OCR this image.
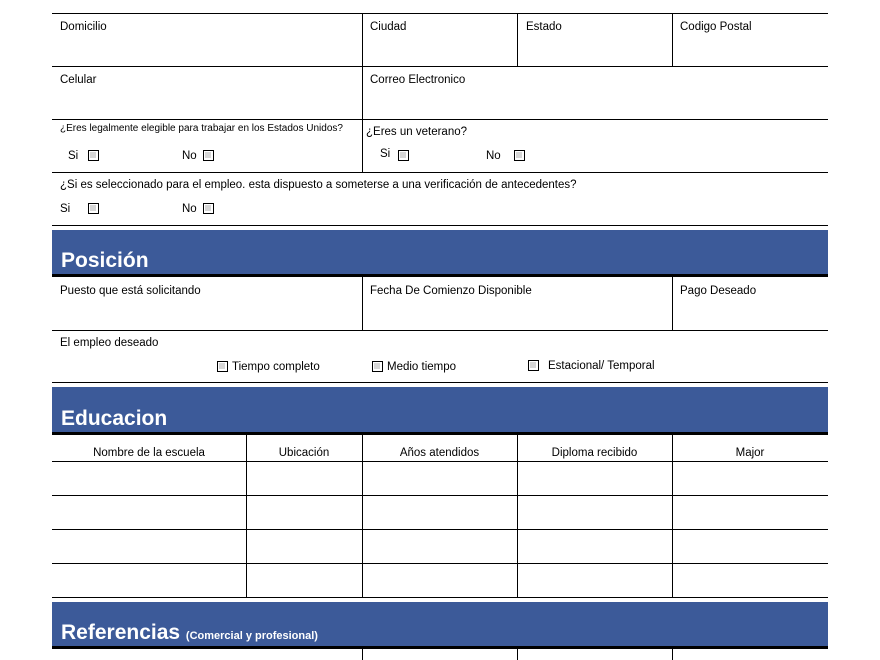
Domicilio	Ciudad	Estado	Codigo Postal
Celular	Correo Electronico
¿Eres legalmente elegible para trabajar en los Estados Unidos?
Si	No
¿Eres un veterano?
Si	No
¿Si es seleccionado para el empleo. esta dispuesto a someterse a una verificación de antecedentes?
Si	No
Posición
Puesto que está solicitando	Fecha De Comienzo Disponible	Pago Deseado
El empleo deseado
Tiempo completo	Medio tiempo	Estacional/ Temporal
Educacion
Nombre de la escuela	Ubicación	Años atendidos	Diploma recibido	Major
Referencias (Comercial y profesional)
